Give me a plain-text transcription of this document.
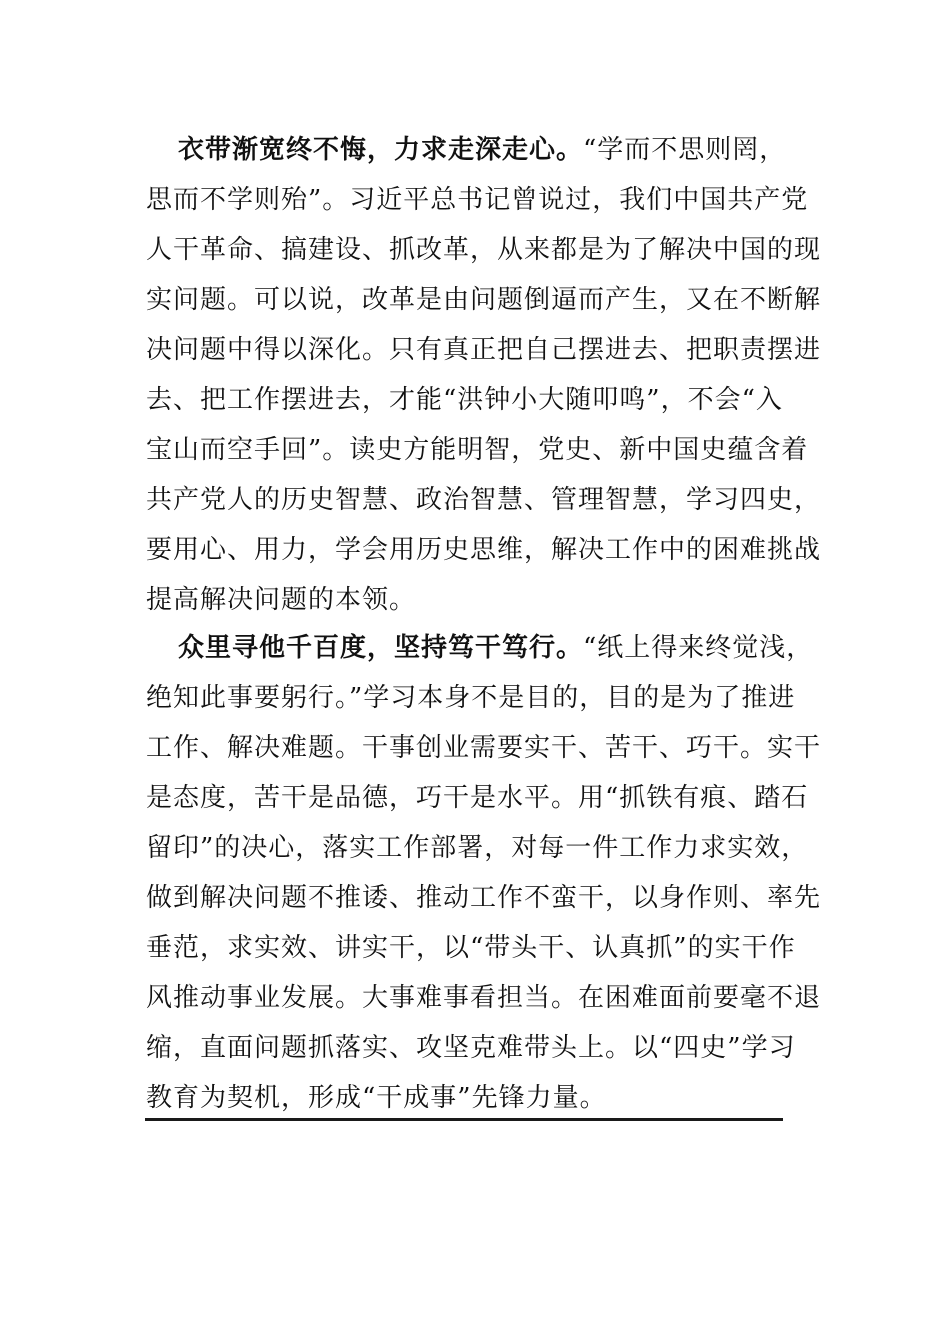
衣带渐宽终不悔，力求走深走心。“学而不思则罔，
思而不学则殆”。习近平总书记曾说过，我们中国共产党
人干革命、搞建设、抓改革，从来都是为了解决中国的现
实问题。可以说，改革是由问题倒逼而产生，又在不断解
决问题中得以深化。只有真正把自己摆进去、把职责摆进
去、把工作摆进去，才能“洪钟小大随叩鸣”，不会“入
宝山而空手回”。读史方能明智，党史、新中国史蕴含着
共产党人的历史智慧、政治智慧、管理智慧，学习四史，
要用心、用力，学会用历史思维，解决工作中的困难挑战
提高解决问题的本领。
众里寻他千百度，坚持笃干笃行。“纸上得来终觉浅，
绝知此事要躬行。”学习本身不是目的，目的是为了推进
工作、解决难题。干事创业需要实干、苦干、巧干。实干
是态度，苦干是品德，巧干是水平。用“抓铁有痕、踏石
留印”的决心，落实工作部署，对每一件工作力求实效，
做到解决问题不推诿、推动工作不蛮干，以身作则、率先
垂范，求实效、讲实干，以“带头干、认真抓”的实干作
风推动事业发展。大事难事看担当。在困难面前要毫不退
缩，直面问题抓落实、攻坚克难带头上。以“四史”学习
教育为契机，形成“干成事”先锋力量。
